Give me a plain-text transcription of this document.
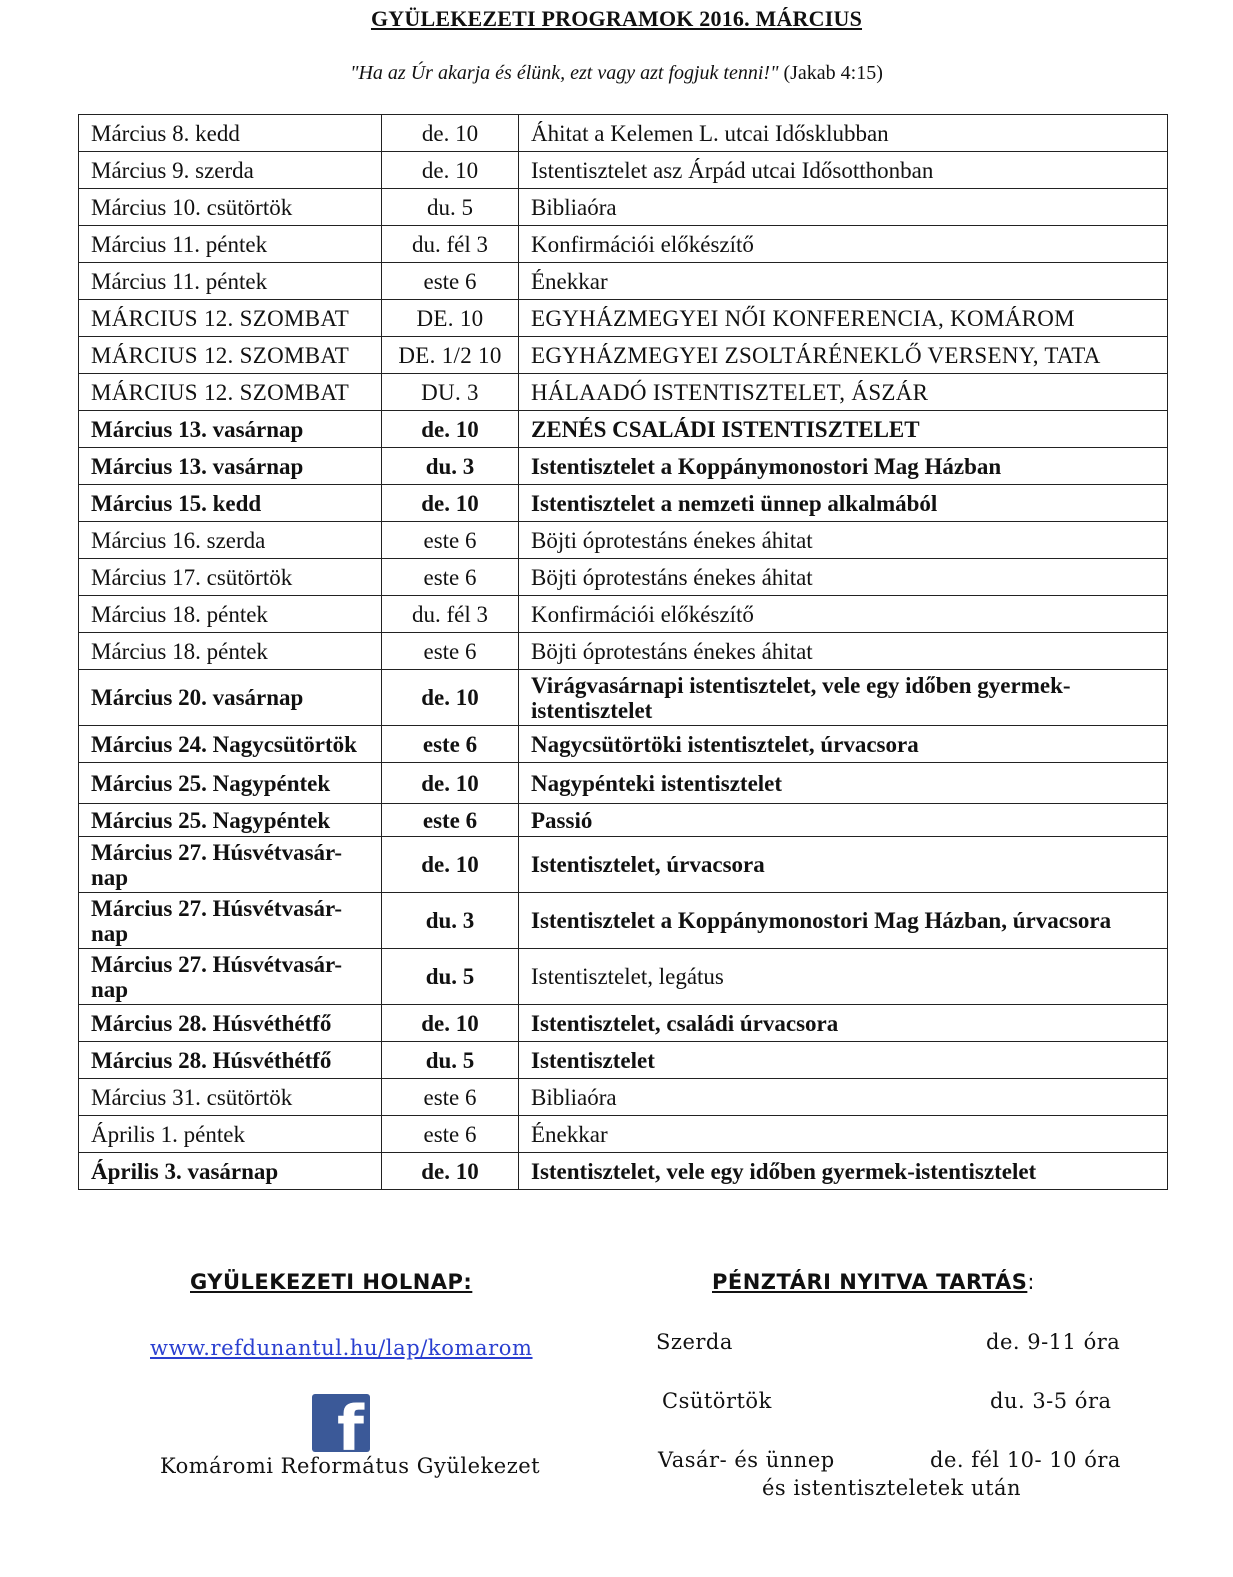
GYÜLEKEZETI PROGRAMOK 2016. MÁRCIUS
"Ha az Úr akarja és élünk, ezt vagy azt fogjuk tenni!" (Jakab 4:15)
Március 8. kedd	de. 10	Áhitat a Kelemen L. utcai Idősklubban
Március 9. szerda	de. 10	Istentisztelet asz Árpád utcai Idősotthonban
Március 10. csütörtök	du. 5	Bibliaóra
Március 11. péntek	du. fél 3	Konfirmációi előkészítő
Március 11. péntek	este 6	Énekkar
MÁRCIUS 12. SZOMBAT	DE. 10	EGYHÁZMEGYEI NŐI KONFERENCIA, KOMÁROM
MÁRCIUS 12. SZOMBAT	DE. 1/2 10	EGYHÁZMEGYEI ZSOLTÁRÉNEKLŐ VERSENY, TATA
MÁRCIUS 12. SZOMBAT	DU. 3	HÁLAADÓ ISTENTISZTELET, ÁSZÁR
Március 13. vasárnap	de. 10	ZENÉS CSALÁDI ISTENTISZTELET
Március 13. vasárnap	du. 3	Istentisztelet a Koppánymonostori Mag Házban
Március 15. kedd	de. 10	Istentisztelet a nemzeti ünnep alkalmából
Március 16. szerda	este 6	Böjti óprotestáns énekes áhitat
Március 17. csütörtök	este 6	Böjti óprotestáns énekes áhitat
Március 18. péntek	du. fél 3	Konfirmációi előkészítő
Március 18. péntek	este 6	Böjti óprotestáns énekes áhitat
Március 20. vasárnap	de. 10	Virágvasárnapi istentisztelet, vele egy időben gyermek-istentisztelet
Március 24. Nagycsütörtök	este 6	Nagycsütörtöki istentisztelet, úrvacsora
Március 25. Nagypéntek	de. 10	Nagypénteki istentisztelet
Március 25. Nagypéntek	este 6	Passió
Március 27. Húsvétvasár-nap	de. 10	Istentisztelet, úrvacsora
Március 27. Húsvétvasár-nap	du. 3	Istentisztelet a Koppánymonostori Mag Házban, úrvacsora
Március 27. Húsvétvasár-nap	du. 5	Istentisztelet, legátus
Március 28. Húsvéthétfő	de. 10	Istentisztelet, családi úrvacsora
Március 28. Húsvéthétfő	du. 5	Istentisztelet
Március 31. csütörtök	este 6	Bibliaóra
Április 1. péntek	este 6	Énekkar
Április 3. vasárnap	de. 10	Istentisztelet, vele egy időben gyermek-istentisztelet
GYÜLEKEZETI HOLNAP:
www.refdunantul.hu/lap/komarom
f
Komáromi Református Gyülekezet
PÉNZTÁRI NYITVA TARTÁS:
Szerda	de. 9-11 óra
Csütörtök	du. 3-5 óra
Vasár- és ünnep	de. fél 10- 10 óra
és istentiszteletek után
